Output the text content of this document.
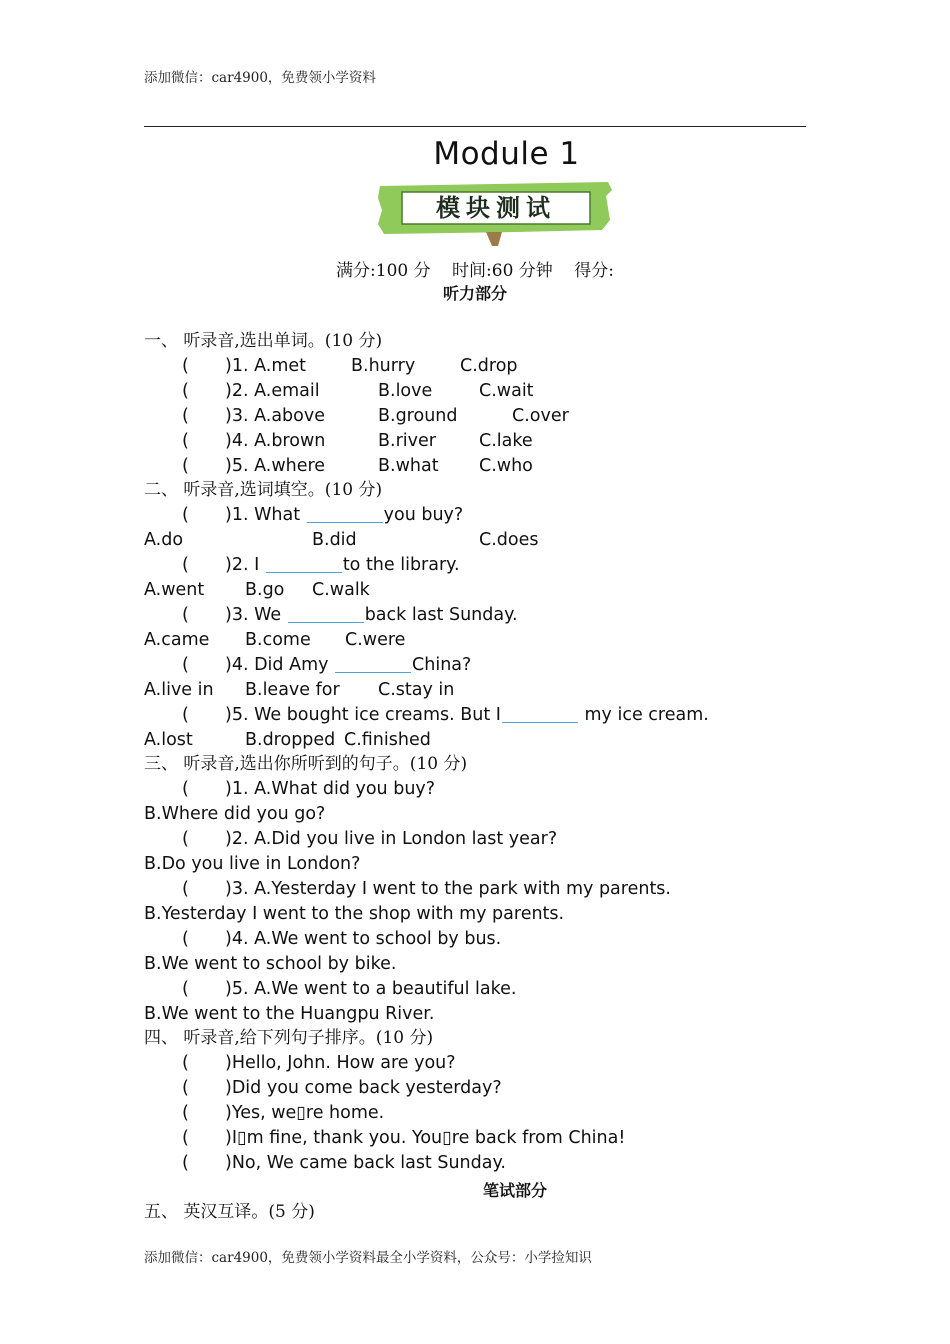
添加微信：car4900，免费领小学资料
Module 1
模块测试
满分:100 分 时间:60 分钟 得分:
听力部分
一、 听录音,选出单词。(10 分)
(	)1. A.met	B.hurry	C.drop
(	)2. A.email	B.love	C.wait
(	)3. A.above	B.ground	C.over
(	)4. A.brown	B.river C.lake
(	)5. A.where	B.what C.who
二、 听录音,选词填空。(10 分)
( )1. What	you buy?
A.do	B.did	C.does
( )2. I	to the library.
A.went B.go C.walk
( )3. We	back last Sunday.
A.came B.come C.were
( )4. Did Amy	China?
A.live in B.leave for C.stay in
( )5. We bought ice creams. But I	my ice cream.
A.lost	B.dropped C.finished
三、 听录音,选出你所听到的句子。(10 分)
( )1. A.What did you buy?
B.Where did you go?
( )2. A.Did you live in London last year?
B.Do you live in London?
( )3. A.Yesterday I went to the park with my parents.
B.Yesterday I went to the shop with my parents.
( )4. A.We went to school by bus.
B.We went to school by bike.
( )5. A.We went to a beautiful lake.
B.We went to the Huangpu River.
四、 听录音,给下列句子排序。(10 分)
( )Hello, John. How are you?
( )Did you come back yesterday?
( )Yes, we▯re home.
( )I▯m fine, thank you. You▯re back from China!
( )No, We came back last Sunday.
笔试部分
五、 英汉互译。(5 分)
添加微信：car4900，免费领小学资料最全小学资料，公众号：小学捡知识
